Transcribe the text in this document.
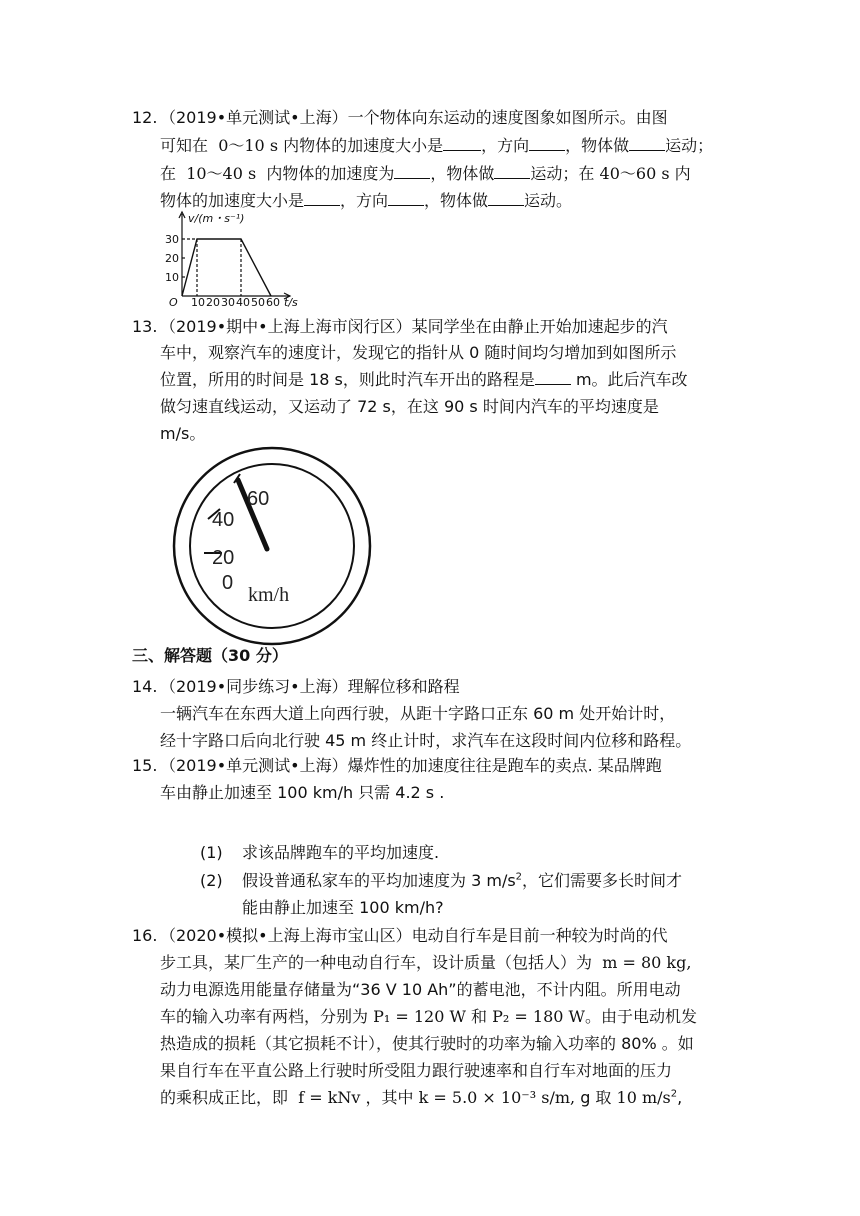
12. （2019•单元测试•上海）一个物体向东运动的速度图象如图所示。由图
可知在 0～10 s 内物体的加速度大小是 ，方向 ，物体做 运动；
在 10～40 s 内物体的加速度为 ，物体做 运动；在 40～60 s 内
物体的加速度大小是 ，方向 ，物体做 运动。
v/(m・s⁻¹)
30
20
10
O 10 20 30 40 50 60 t/s
13. （2019•期中•上海上海市闵行区）某同学坐在由静止开始加速起步的汽
车中，观察汽车的速度计，发现它的指针从 0 随时间均匀增加到如图所示
位置，所用的时间是 18 s，则此时汽车开出的路程是 m。此后汽车改
做匀速直线运动，又运动了 72 s，在这 90 s 时间内汽车的平均速度是
m/s。
60
40
20
0
km/h
三、解答题（30 分）
14. （2019•同步练习•上海）理解位移和路程
一辆汽车在东西大道上向西行驶，从距十字路口正东 60 m 处开始计时，
经十字路口后向北行驶 45 m 终止计时，求汽车在这段时间内位移和路程。
15. （2019•单元测试•上海）爆炸性的加速度往往是跑车的卖点. 某品牌跑
车由静止加速至 100 km/h 只需 4.2 s .
(1) 求该品牌跑车的平均加速度.
(2) 假设普通私家车的平均加速度为 3 $m/s^2$，它们需要多长时间才
能由静止加速至 100 km/h?
16. （2020•模拟•上海上海市宝山区）电动自行车是目前一种较为时尚的代
步工具，某厂生产的一种电动自行车，设计质量（包括人）为 m = 80 kg,
动力电源选用能量存储量为“36 V 10 Ah”的蓄电池，不计内阻。所用电动
车的输入功率有两档，分别为 P₁ = 120 W 和 P₂ = 180 W。由于电动机发
热造成的损耗（其它损耗不计），使其行驶时的功率为输入功率的 80% 。如
果自行车在平直公路上行驶时所受阻力跟行驶速率和自行车对地面的压力
的乘积成正比，即 f = kNv ，其中 k = 5.0 × 10⁻³ s/m, g 取 10 $m/s^2$,
